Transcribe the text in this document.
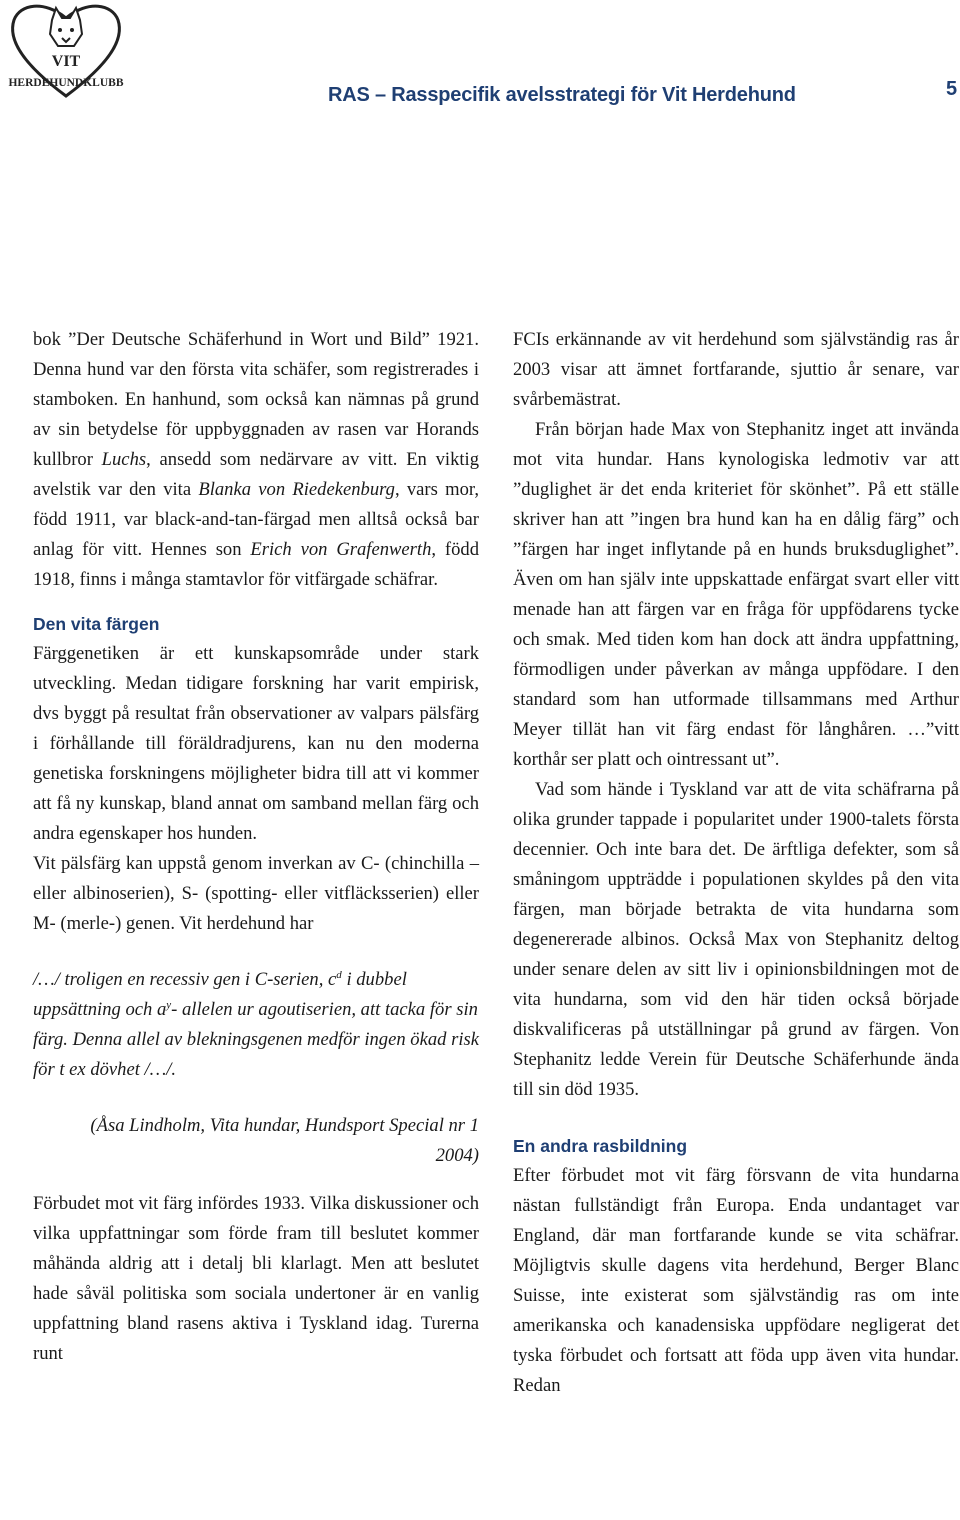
VIT
HERDEHUNDKLUBB
RAS – Rasspecifik avelsstrategi för Vit Herdehund	5

bok ”Der Deutsche Schäferhund in Wort und Bild” 1921. Denna hund var den första vita schäfer, som registrerades i stamboken. En hanhund, som också kan nämnas på grund av sin betydelse för uppbyggnaden av rasen var Horands kullbror Luchs, ansedd som nedärvare av vitt. En viktig avelstik var den vita Blanka von Riedekenburg, vars mor, född 1911, var black-and-tan-färgad men alltså också bar anlag för vitt. Hennes son Erich von Grafenwerth, född 1918, finns i många stamtavlor för vitfärgade schäfrar.

Den vita färgen

Färggenetiken är ett kunskapsområde under stark utveckling. Medan tidigare forskning har varit empirisk, dvs byggt på resultat från observationer av valpars pälsfärg i förhållande till föräldradjurens, kan nu den moderna genetiska forskningens möjligheter bidra till att vi kommer att få ny kunskap, bland annat om samband mellan färg och andra egenskaper hos hunden.

Vit pälsfärg kan uppstå genom inverkan av C- (chinchilla – eller albinoserien), S- (spotting- eller vitfläcksserien) eller M- (merle-) genen. Vit herdehund har

/…/ troligen en recessiv gen i C-serien, $c^d$ i dubbel uppsättning och $a^y-$ allelen ur agoutiserien, att tacka för sin färg. Denna allel av blekningsgenen medför ingen ökad risk för t ex dövhet /…/.

(Åsa Lindholm, Vita hundar, Hundsport Special nr 1 2004)

Förbudet mot vit färg infördes 1933. Vilka diskussioner och vilka uppfattningar som förde fram till beslutet kommer måhända aldrig att i detalj bli klarlagt. Men att beslutet hade såväl politiska som sociala undertoner är en vanlig uppfattning bland rasens aktiva i Tyskland idag. Turerna runt

FCIs erkännande av vit herdehund som självständig ras år 2003 visar att ämnet fortfarande, sjuttio år senare, var svårbemästrat.

Från början hade Max von Stephanitz inget att invända mot vita hundar. Hans kynologiska ledmotiv var att ”duglighet är det enda kriteriet för skönhet”. På ett ställe skriver han att ”ingen bra hund kan ha en dålig färg” och ”färgen har inget inflytande på en hunds bruksduglighet”. Även om han själv inte uppskattade enfärgat svart eller vitt menade han att färgen var en fråga för uppfödarens tycke och smak. Med tiden kom han dock att ändra uppfattning, förmodligen under påverkan av många uppfödare. I den standard som han utformade tillsammans med Arthur Meyer tillät han vit färg endast för långhåren. …”vitt korthår ser platt och ointressant ut”.

Vad som hände i Tyskland var att de vita schäfrarna på olika grunder tappade i popularitet under 1900-talets första decennier. Och inte bara det. De ärftliga defekter, som så småningom uppträdde i populationen skyldes på den vita färgen, man började betrakta de vita hundarna som degenererade albinos. Också Max von Stephanitz deltog under senare delen av sitt liv i opinionsbildningen mot de vita hundarna, som vid den här tiden också började diskvalificeras på utställningar på grund av färgen. Von Stephanitz ledde Verein für Deutsche Schäferhunde ända till sin död 1935.

En andra rasbildning

Efter förbudet mot vit färg försvann de vita hundarna nästan fullständigt från Europa. Enda undantaget var England, där man fortfarande kunde se vita schäfrar. Möjligtvis skulle dagens vita herdehund, Berger Blanc Suisse, inte existerat som självständig ras om inte amerikanska och kanadensiska uppfödare negligerat det tyska förbudet och fortsatt att föda upp även vita hundar. Redan
